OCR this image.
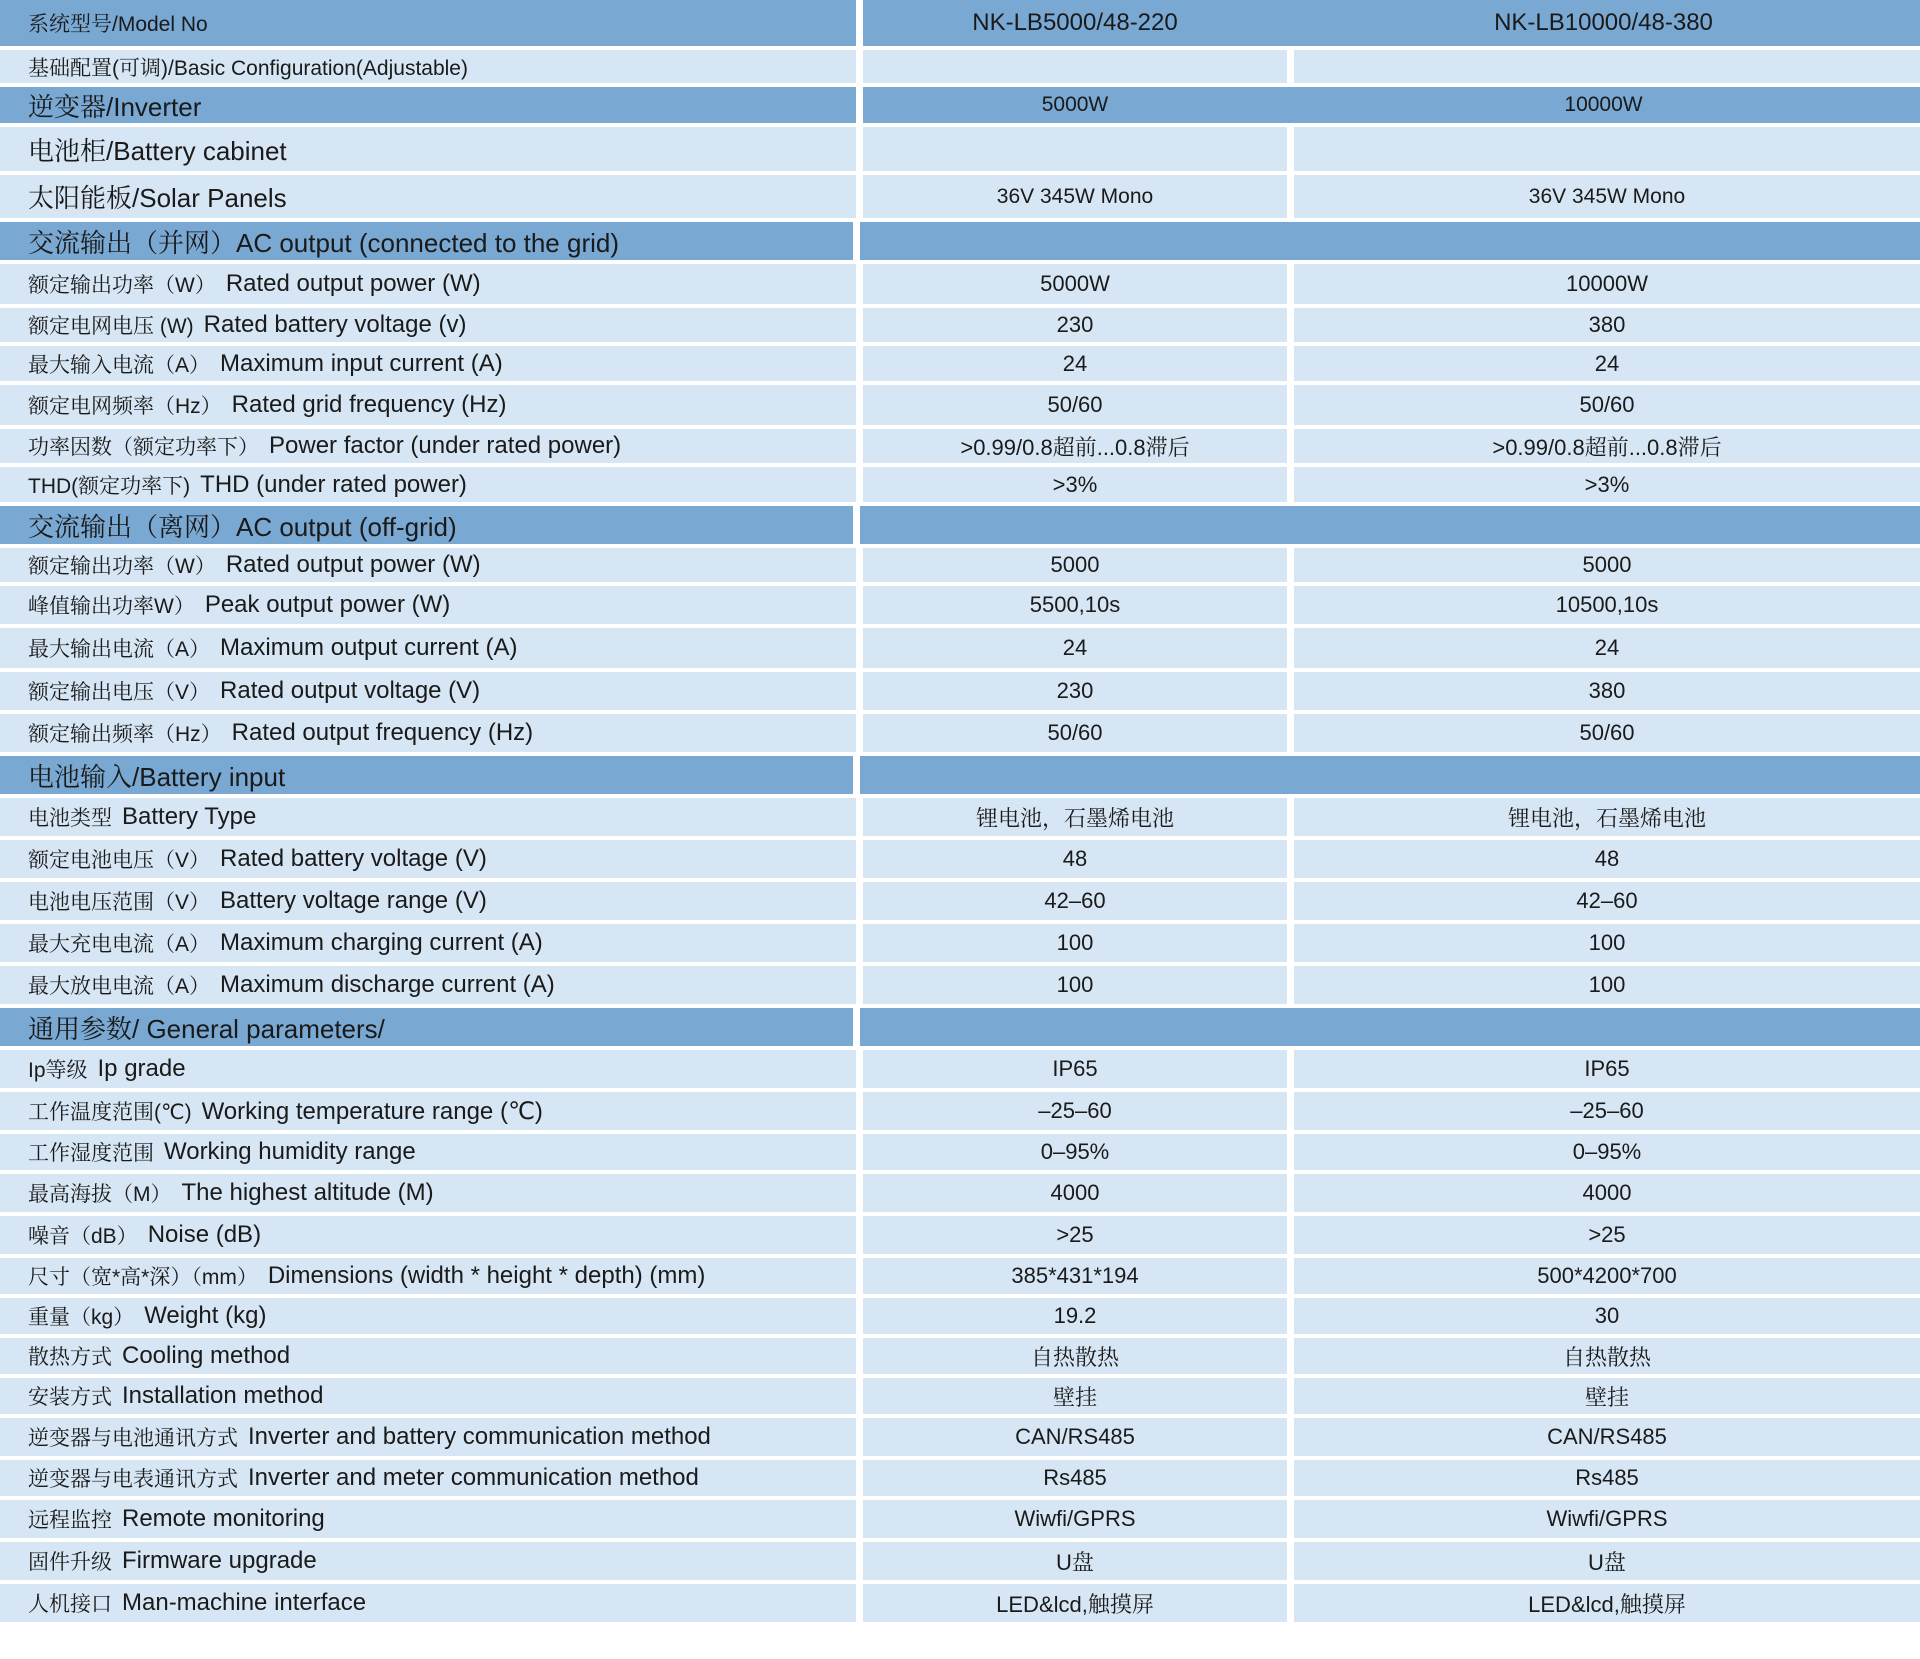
系统型号/Model No	NK-LB5000/48-220	NK-LB10000/48-380
基础配置(可调)/Basic Configuration(Adjustable)
逆变器/Inverter	5000W	10000W
电池柜/Battery cabinet
太阳能板/Solar Panels	36V 345W Mono	36V 345W Mono
交流输出（并网）AC output (connected to the grid)
额定输出功率（W） Rated output power (W)	5000W	10000W
额定电网电压 (W) Rated battery voltage (v)	230	380
最大输入电流（A） Maximum input current (A)	24	24
额定电网频率（Hz） Rated grid frequency (Hz)	50/60	50/60
功率因数（额定功率下） Power factor (under rated power)	>0.99/0.8超前...0.8滞后	>0.99/0.8超前...0.8滞后
THD(额定功率下) THD (under rated power)	>3%	>3%
交流输出（离网）AC output (off-grid)
额定输出功率（W） Rated output power (W)	5000	5000
峰值输出功率W） Peak output power (W)	5500,10s	10500,10s
最大输出电流（A） Maximum output current (A)	24	24
额定输出电压（V） Rated output voltage (V)	230	380
额定输出频率（Hz） Rated output frequency (Hz)	50/60	50/60
电池输入/Battery input
电池类型 Battery Type	锂电池，石墨烯电池	锂电池，石墨烯电池
额定电池电压（V） Rated battery voltage (V)	48	48
电池电压范围（V） Battery voltage range (V)	42–60	42–60
最大充电电流（A） Maximum charging current (A)	100	100
最大放电电流（A） Maximum discharge current (A)	100	100
通用参数/ General parameters/
Ip等级 Ip grade	IP65	IP65
工作温度范围(℃) Working temperature range (℃)	–25–60	–25–60
工作湿度范围 Working humidity range	0–95%	0–95%
最高海拔（M） The highest altitude (M)	4000	4000
噪音（dB） Noise (dB)	>25	>25
尺寸（宽*高*深）（mm） Dimensions (width * height * depth) (mm)	385*431*194	500*4200*700
重量（kg） Weight (kg)	19.2	30
散热方式 Cooling method	自热散热	自热散热
安装方式 Installation method	壁挂	壁挂
逆变器与电池通讯方式 Inverter and battery communication method	CAN/RS485	CAN/RS485
逆变器与电表通讯方式 Inverter and meter communication method	Rs485	Rs485
远程监控 Remote monitoring	Wiwfi/GPRS	Wiwfi/GPRS
固件升级 Firmware upgrade	U盘	U盘
人机接口 Man-machine interface	LED&lcd,触摸屏	LED&lcd,触摸屏
